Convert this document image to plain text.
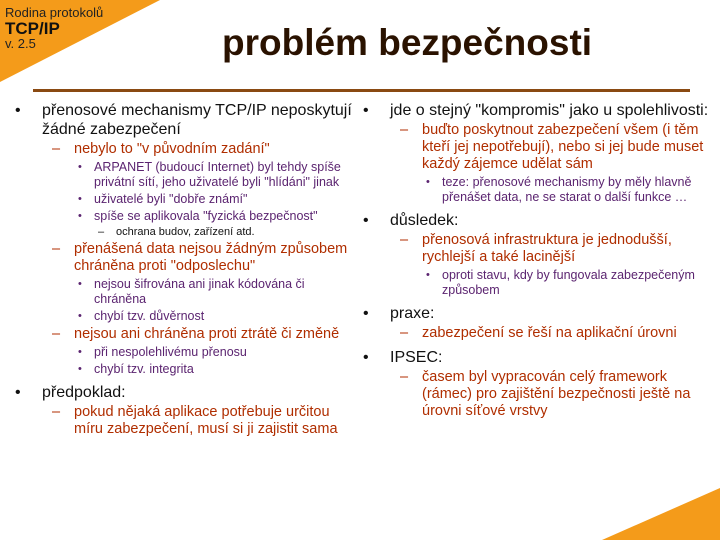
Rodina protokolů
TCP/IP
v. 2.5	problém bezpečnosti
• přenosové mechanismy TCP/IP neposkytují žádné zabezpečení
– nebylo to "v původním zadání"
• ARPANET (budoucí Internet) byl tehdy spíše privátní sítí, jeho uživatelé byli "hlídáni" jinak
• uživatelé byli "dobře známí"
• spíše se aplikovala "fyzická bezpečnost"
– ochrana budov, zařízení atd.
– přenášená data nejsou žádným způsobem chráněna proti "odposlechu"
• nejsou šifrována ani jinak kódována či chráněna
• chybí tzv. důvěrnost
– nejsou ani chráněna proti ztrátě či změně
• při nespolehlivému přenosu
• chybí tzv. integrita
• předpoklad:
– pokud nějaká aplikace potřebuje určitou míru zabezpečení, musí si ji zajistit sama
• jde o stejný "kompromis" jako u spolehlivosti:
– buďto poskytnout zabezpečení všem (i těm kteří jej nepotřebují), nebo si jej bude muset každý zájemce udělat sám
• teze: přenosové mechanismy by měly hlavně přenášet data, ne se starat o další funkce …
• důsledek:
– přenosová infrastruktura je jednodušší, rychlejší a také lacinější
• oproti stavu, kdy by fungovala zabezpečeným způsobem
• praxe:
– zabezpečení se řeší na aplikační úrovni
• IPSEC:
– časem byl vypracován celý framework (rámec) pro zajištění bezpečnosti ještě na úrovni síťové vrstvy
